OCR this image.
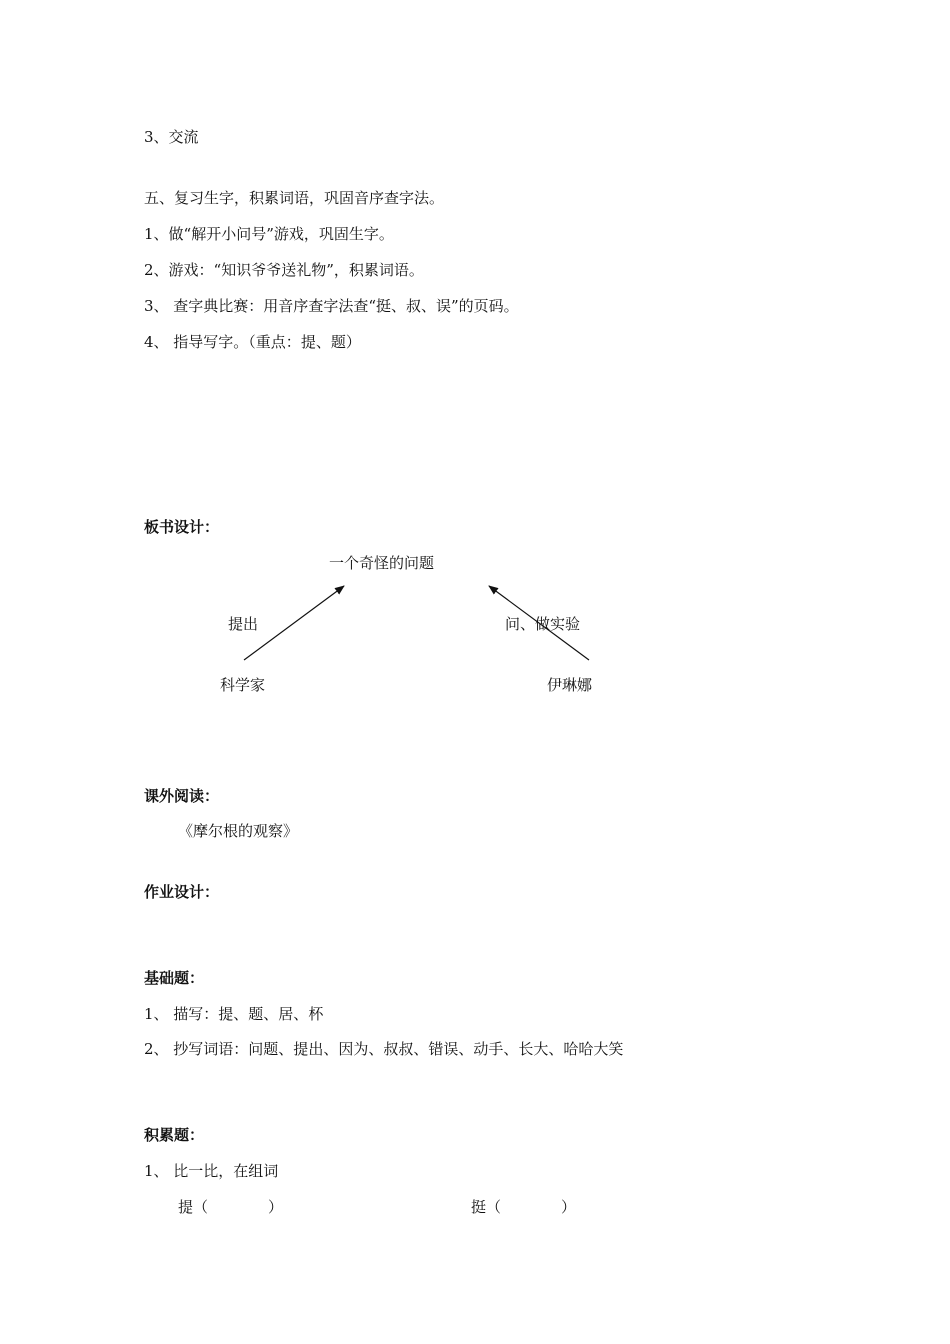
3、交流
五、复习生字，积累词语，巩固音序查字法。
1、做“解开小问号”游戏，巩固生字。
2、游戏：“知识爷爷送礼物”，积累词语。
3、 查字典比赛：用音序查字法查“挺、叔、误”的页码。
4、 指导写字。（重点：提、题）
板书设计：
一个奇怪的问题
提出	问、做实验
科学家	伊琳娜
课外阅读：
《摩尔根的观察》
作业设计：
基础题：
1、 描写：提、题、居、杯
2、 抄写词语：问题、提出、因为、叔叔、错误、动手、长大、哈哈大笑
积累题：
1、 比一比，在组词
提（　　　　）	挺（　　　　）
